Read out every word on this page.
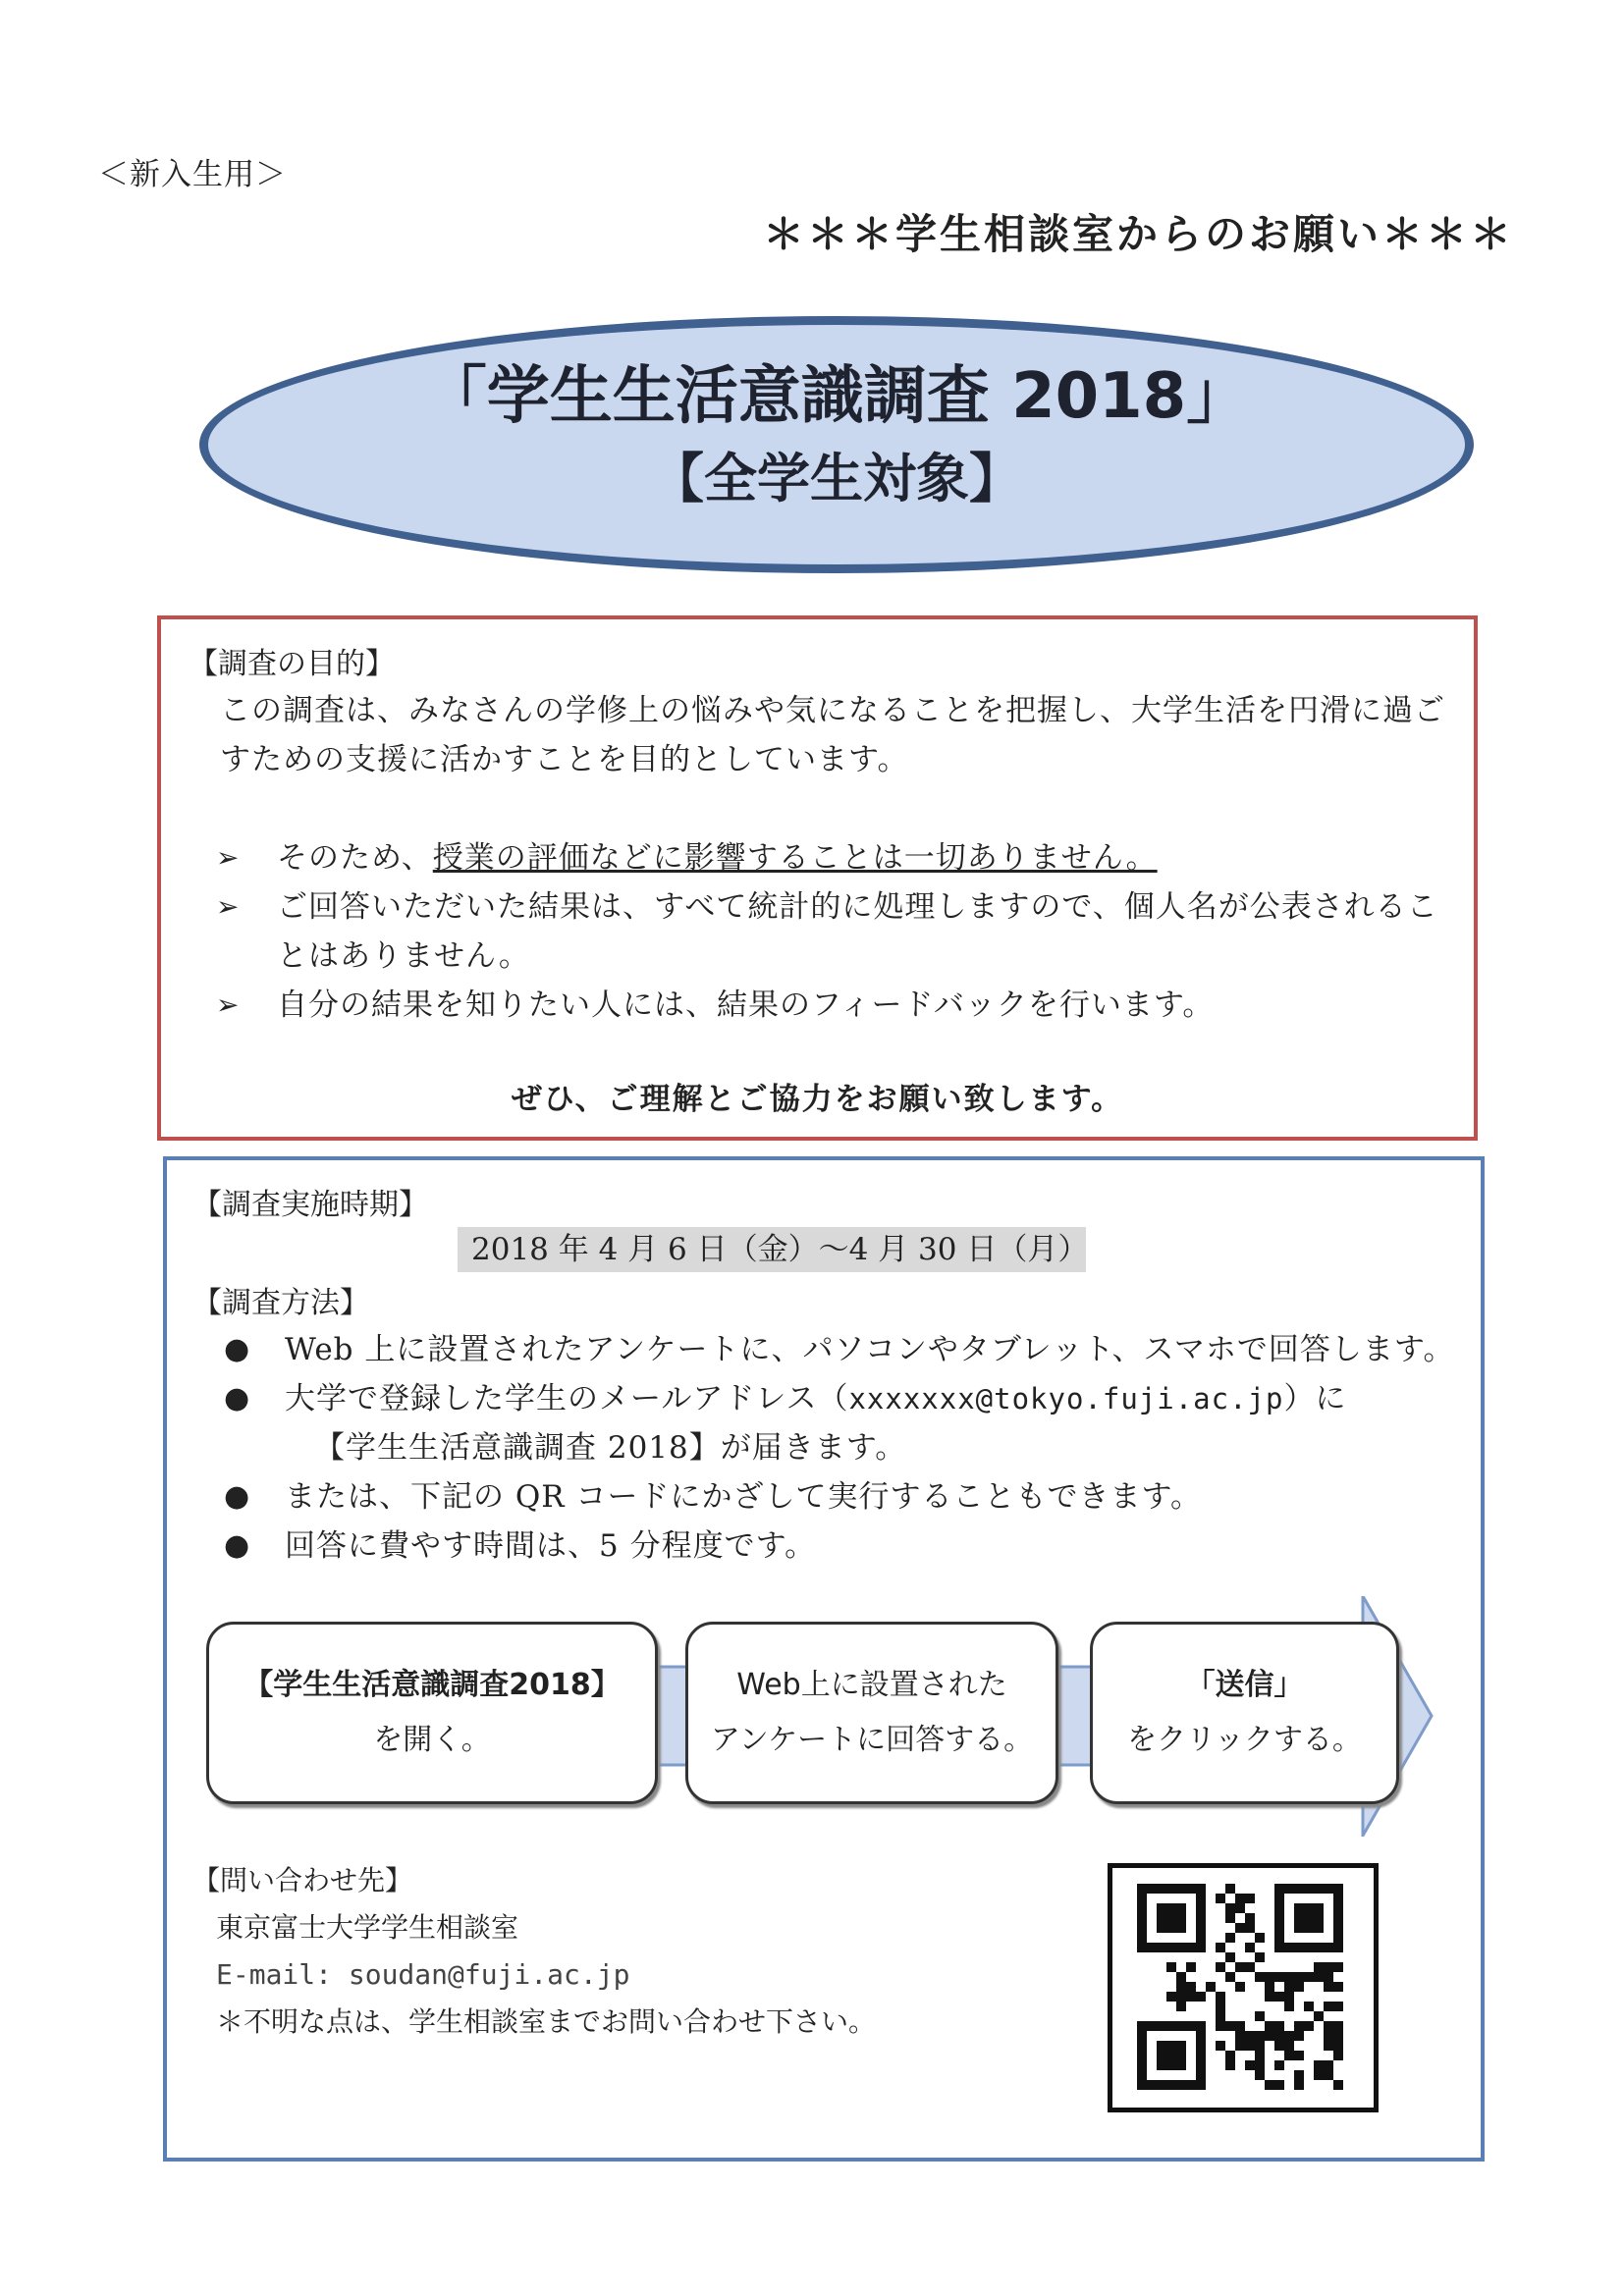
＜新入生用＞
＊＊＊学生相談室からのお願い＊＊＊
「学生生活意識調査 2018」
【全学生対象】
【調査の目的】
この調査は、みなさんの学修上の悩みや気になることを把握し、大学生活を円滑に過ごすための支援に活かすことを目的としています。
➢ そのため、授業の評価などに影響することは一切ありません。
➢ ご回答いただいた結果は、すべて統計的に処理しますので、個人名が公表されることはありません。
➢ 自分の結果を知りたい人には、結果のフィードバックを行います。
ぜひ、ご理解とご協力をお願い致します。
【調査実施時期】
2018 年 4 月 6 日（金）～4 月 30 日（月）
【調査方法】
● Web 上に設置されたアンケートに、パソコンやタブレット、スマホで回答します。
● 大学で登録した学生のメールアドレス（xxxxxxx@tokyo.fuji.ac.jp）に
【学生生活意識調査 2018】が届きます。
● または、下記の QR コードにかざして実行することもできます。
● 回答に費やす時間は、5 分程度です。
【学生生活意識調査2018】
を開く。
Web上に設置された
アンケートに回答する。
「送信」
をクリックする。
【問い合わせ先】
東京富士大学学生相談室
E-mail: soudan@fuji.ac.jp
＊不明な点は、学生相談室までお問い合わせ下さい。
